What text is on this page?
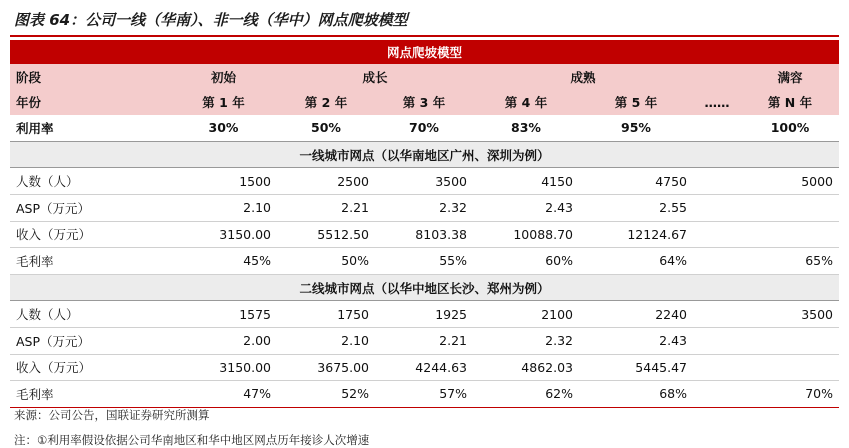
图表 64：公司一线（华南）、非一线（华中）网点爬坡模型
网点爬坡模型							
阶段	初始	成长		成熟			满容
年份	第 1 年	第 2 年	第 3 年	第 4 年	第 5 年	……	第 N 年
利用率	30%	50%	70%	83%	95%		100%
一线城市网点（以华南地区广州、深圳为例）							
人数（人）	1500	2500	3500	4150	4750		5000
ASP（万元）	2.10	2.21	2.32	2.43	2.55		
收入（万元）	3150.00	5512.50	8103.38	10088.70	12124.67		
毛利率	45%	50%	55%	60%	64%		65%
二线城市网点（以华中地区长沙、郑州为例）							
人数（人）	1575	1750	1925	2100	2240		3500
ASP（万元）	2.00	2.10	2.21	2.32	2.43		
收入（万元）	3150.00	3675.00	4244.63	4862.03	5445.47		
毛利率	47%	52%	57%	62%	68%		70%
来源：公司公告，国联证券研究所测算
注：①利用率假设依据公司华南地区和华中地区网点历年接诊人次增速
